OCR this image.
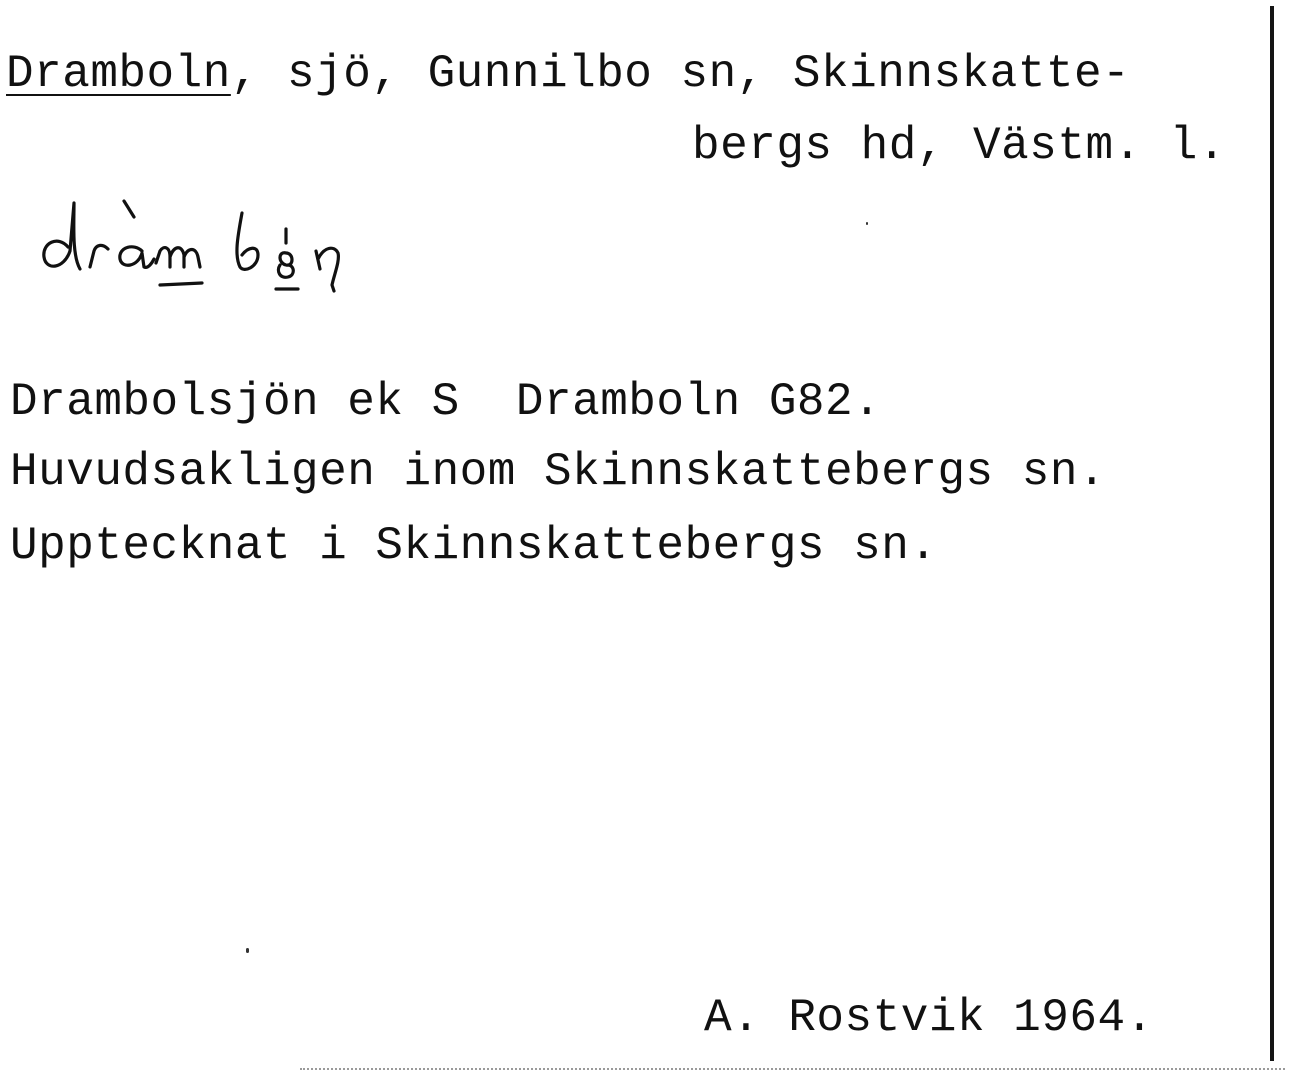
Dramboln, sjö, Gunnilbo sn, Skinnskatte-
bergs hd, Västm. l.
Drambolsjön ek S  Dramboln G82.
Huvudsakligen inom Skinnskattebergs sn.
Upptecknat i Skinnskattebergs sn.
A. Rostvik 1964.
